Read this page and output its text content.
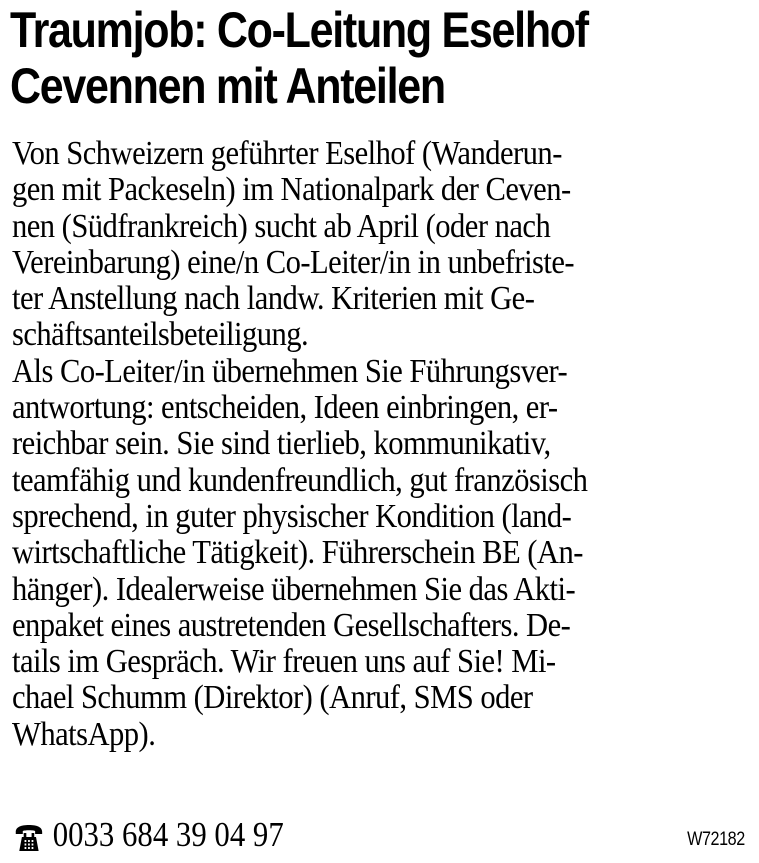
Traumjob: Co-Leitung Eselhof
Cevennen mit Anteilen

Von Schweizern geführter Eselhof (Wanderun-
gen mit Packeseln) im Nationalpark der Ceven-
nen (Südfrankreich) sucht ab April (oder nach
Vereinbarung) eine/n Co-Leiter/in in unbefriste-
ter Anstellung nach landw. Kriterien mit Ge-
schäftsanteilsbeteiligung.
Als Co-Leiter/in übernehmen Sie Führungsver-
antwortung: entscheiden, Ideen einbringen, er-
reichbar sein. Sie sind tierlieb, kommunikativ,
teamfähig und kundenfreundlich, gut französisch
sprechend, in guter physischer Kondition (land-
wirtschaftliche Tätigkeit). Führerschein BE (An-
hänger). Idealerweise übernehmen Sie das Akti-
enpaket eines austretenden Gesellschafters. De-
tails im Gespräch. Wir freuen uns auf Sie! Mi-
chael Schumm (Direktor) (Anruf, SMS oder
WhatsApp).

0033 684 39 04 97	W72182
